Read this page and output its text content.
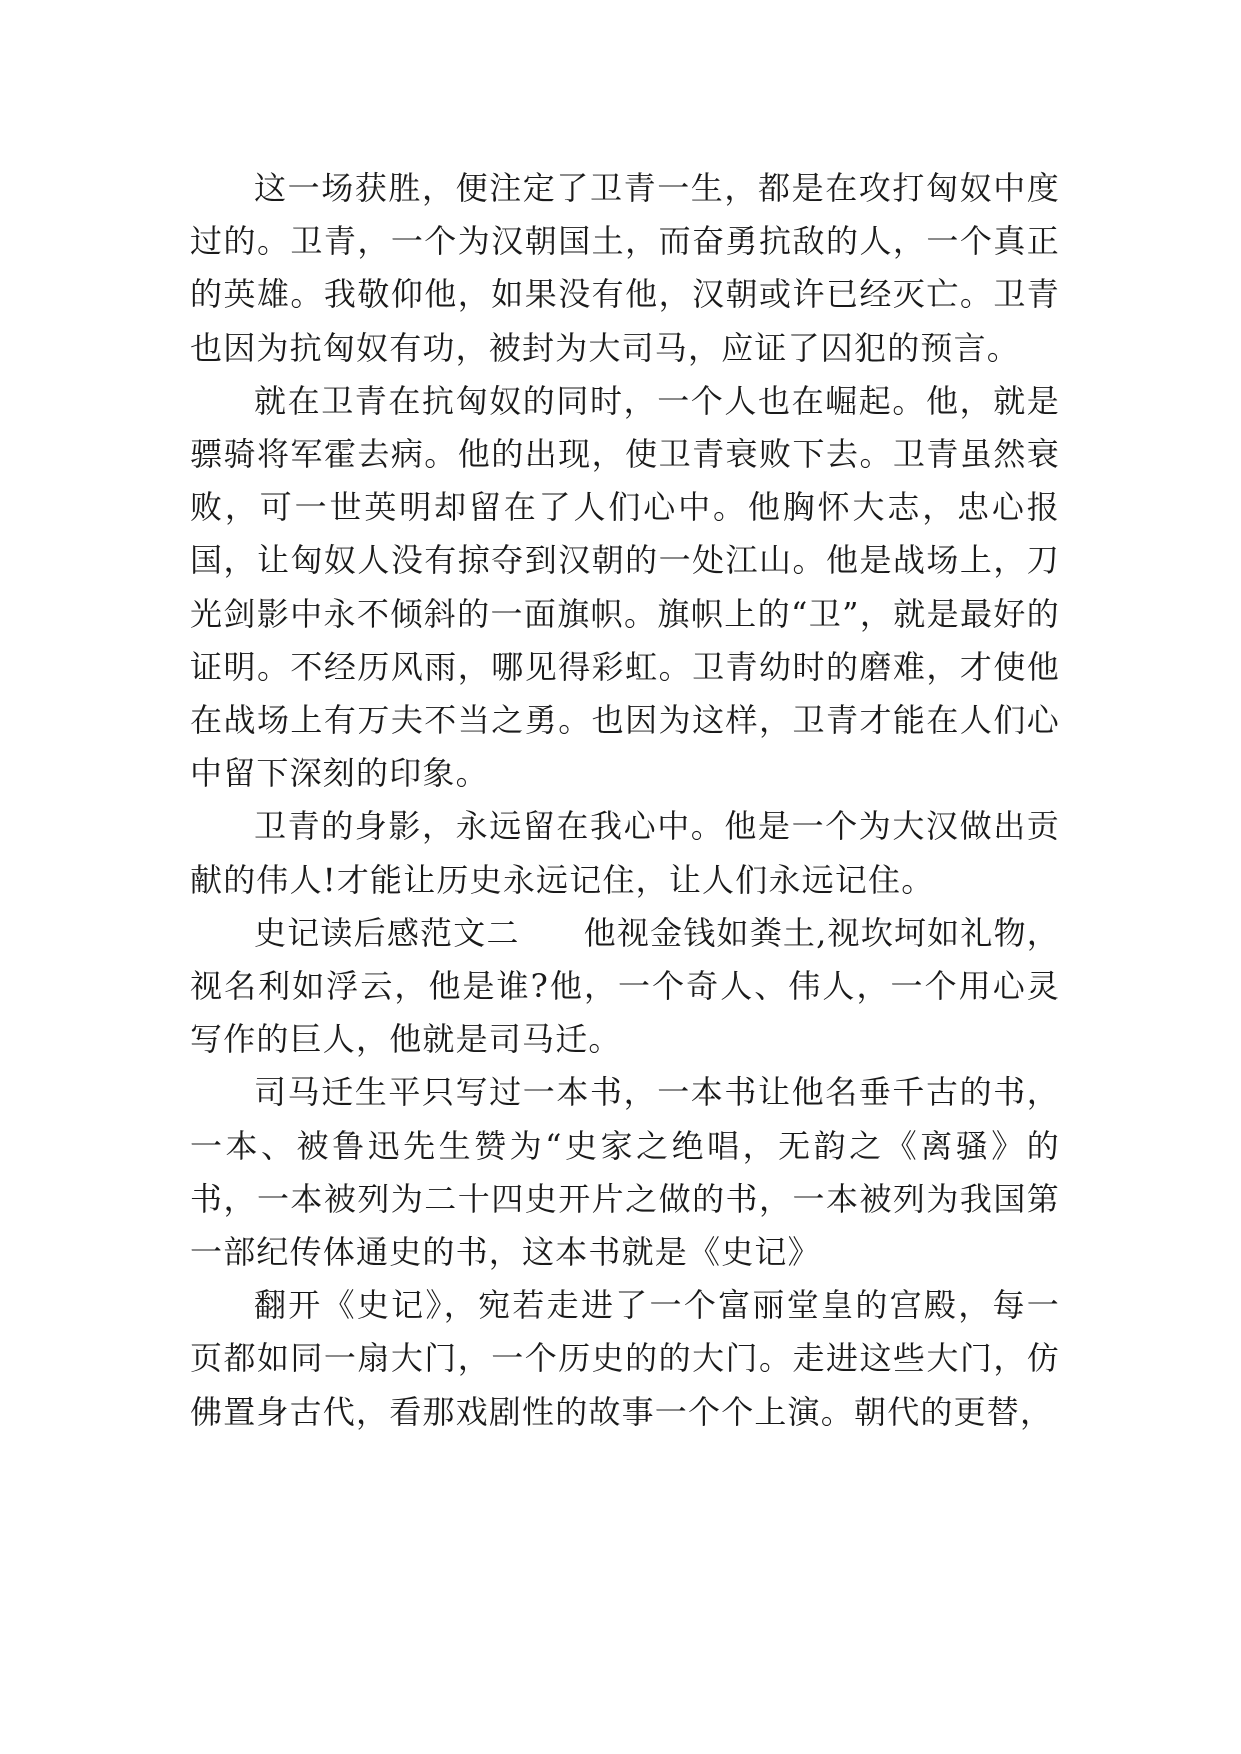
这一场获胜，便注定了卫青一生，都是在攻打匈奴中度过的。卫青，一个为汉朝国土，而奋勇抗敌的人，一个真正的英雄。我敬仰他，如果没有他，汉朝或许已经灭亡。卫青也因为抗匈奴有功，被封为大司马，应证了囚犯的预言。

就在卫青在抗匈奴的同时，一个人也在崛起。他，就是骠骑将军霍去病。他的出现，使卫青衰败下去。卫青虽然衰败，可一世英明却留在了人们心中。他胸怀大志，忠心报国，让匈奴人没有掠夺到汉朝的一处江山。他是战场上，刀光剑影中永不倾斜的一面旗帜。旗帜上的“卫”，就是最好的证明。不经历风雨，哪见得彩虹。卫青幼时的磨难，才使他在战场上有万夫不当之勇。也因为这样，卫青才能在人们心中留下深刻的印象。

卫青的身影，永远留在我心中。他是一个为大汉做出贡献的伟人!才能让历史永远记住，让人们永远记住。

史记读后感范文二 他视金钱如粪土,视坎坷如礼物，视名利如浮云，他是谁?他，一个奇人、伟人，一个用心灵写作的巨人，他就是司马迁。

司马迁生平只写过一本书，一本书让他名垂千古的书，一本、被鲁迅先生赞为“史家之绝唱，无韵之《离骚》的书，一本被列为二十四史开片之做的书，一本被列为我国第一部纪传体通史的书，这本书就是《史记》

翻开《史记》，宛若走进了一个富丽堂皇的宫殿，每一页都如同一扇大门，一个历史的的大门。走进这些大门，仿佛置身古代，看那戏剧性的故事一个个上演。朝代的更替，
